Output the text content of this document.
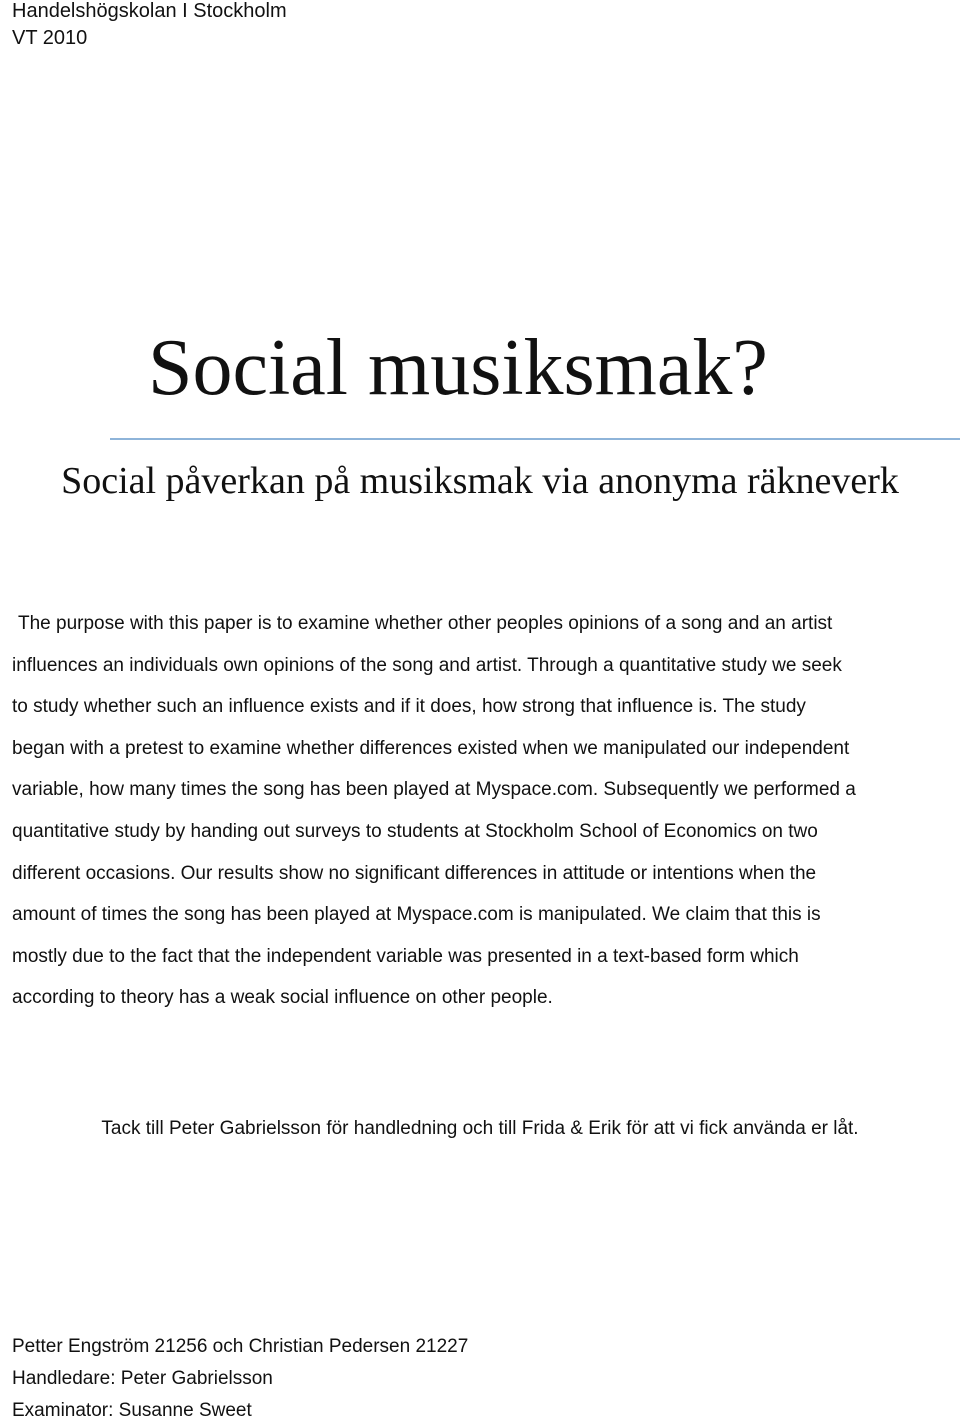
Handelshögskolan I Stockholm
VT 2010
Social musiksmak?
Social påverkan på musiksmak via anonyma räkneverk
The purpose with this paper is to examine whether other peoples opinions of a song and an artist
influences an individuals own opinions of the song and artist. Through a quantitative study we seek
to study whether such an influence exists and if it does, how strong that influence is. The study
began with a pretest to examine whether differences existed when we manipulated our independent
variable, how many times the song has been played at Myspace.com. Subsequently we performed a
quantitative study by handing out surveys to students at Stockholm School of Economics on two
different occasions. Our results show no significant differences in attitude or intentions when the
amount of times the song has been played at Myspace.com is manipulated. We claim that this is
mostly due to the fact that the independent variable was presented in a text-based form which
according to theory has a weak social influence on other people.
Tack till Peter Gabrielsson för handledning och till Frida & Erik för att vi fick använda er låt.
Petter Engström 21256 och Christian Pedersen 21227
Handledare: Peter Gabrielsson
Examinator: Susanne Sweet
